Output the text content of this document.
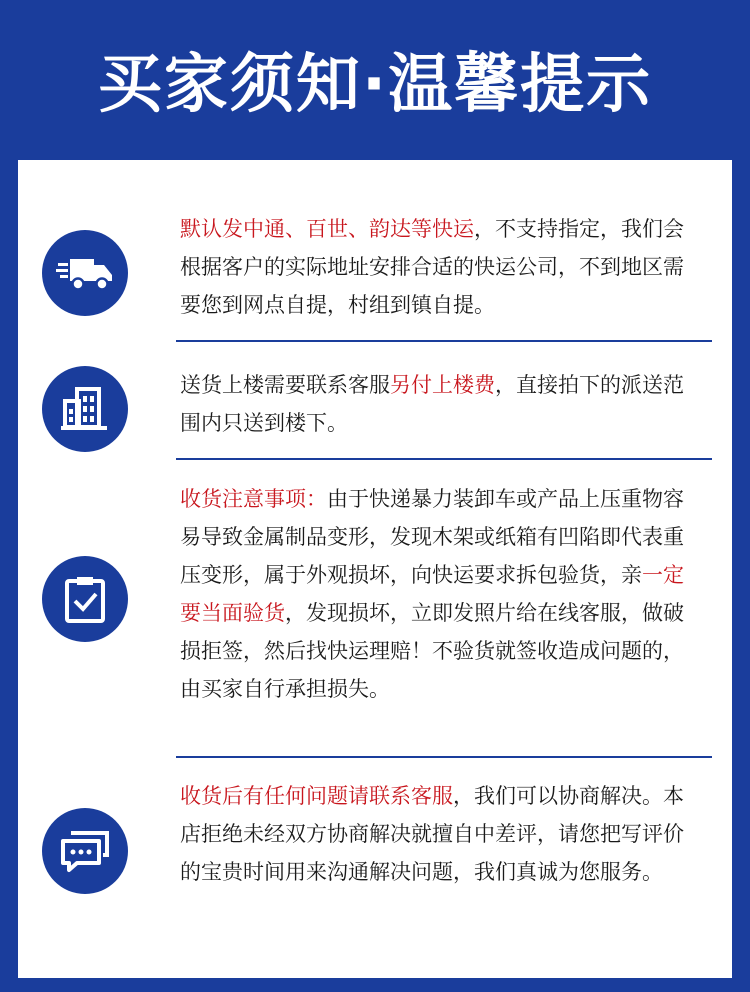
买家须知·温馨提示
默认发中通、百世、韵达等快运，不支持指定，我们会根据客户的实际地址安排合适的快运公司，不到地区需要您到网点自提，村组到镇自提。
送货上楼需要联系客服另付上楼费，直接拍下的派送范围内只送到楼下。
收货注意事项：由于快递暴力装卸车或产品上压重物容易导致金属制品变形，发现木架或纸箱有凹陷即代表重压变形，属于外观损坏，向快运要求拆包验货，亲一定要当面验货，发现损坏，立即发照片给在线客服，做破损拒签，然后找快运理赔！不验货就签收造成问题的，由买家自行承担损失。
收货后有任何问题请联系客服，我们可以协商解决。本店拒绝未经双方协商解决就擅自中差评，请您把写评价的宝贵时间用来沟通解决问题，我们真诚为您服务。
